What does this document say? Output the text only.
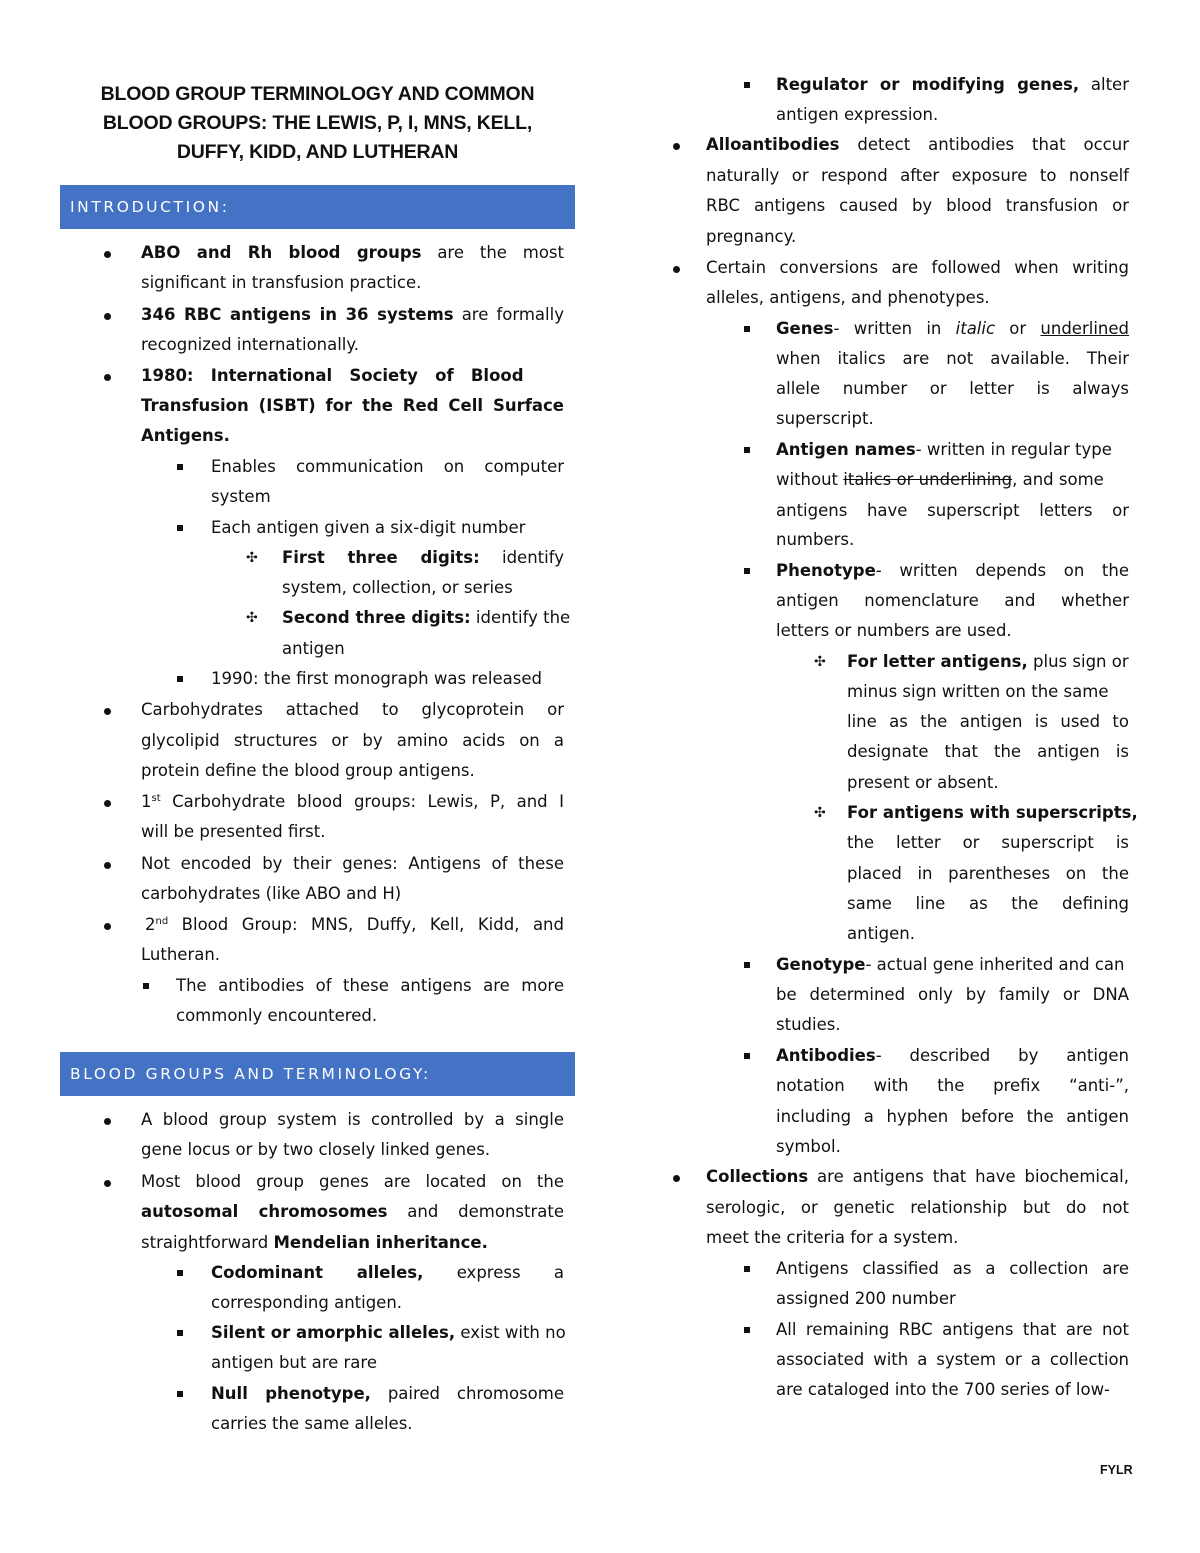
BLOOD GROUP TERMINOLOGY AND COMMON
BLOOD GROUPS: THE LEWIS, P, I, MNS, KELL,
DUFFY, KIDD, AND LUTHERAN
INTRODUCTION:
ABO and Rh blood groups are the most
significant in transfusion practice.
346 RBC antigens in 36 systems are formally
recognized internationally.
1980:   International   Society   of   Blood
Transfusion (ISBT) for the Red Cell Surface
Antigens.
Enables communication on computer
system
Each antigen given a six-digit number
✣ First three digits: identify
system, collection, or series
✣ Second three digits: identify the
antigen
1990: the first monograph was released
Carbohydrates attached to glycoprotein or
glycolipid structures or by amino acids on a
protein define the blood group antigens.
1st Carbohydrate blood groups: Lewis, P, and I
will be presented first.
Not encoded by their genes: Antigens of these
carbohydrates (like ABO and H)
2nd Blood Group: MNS, Duffy, Kell, Kidd, and
Lutheran.
The antibodies of these antigens are more
commonly encountered.
BLOOD GROUPS AND TERMINOLOGY:
A blood group system is controlled by a single
gene locus or by two closely linked genes.
Most blood group genes are located on the
autosomal chromosomes and demonstrate
straightforward Mendelian inheritance.
Codominant alleles, express a
corresponding antigen.
Silent or amorphic alleles, exist with no
antigen but are rare
Null phenotype, paired chromosome
carries the same alleles.
Regulator or modifying genes, alter
antigen expression.
Alloantibodies detect antibodies that occur
naturally or respond after exposure to nonself
RBC antigens caused by blood transfusion or
pregnancy.
Certain conversions are followed when writing
alleles, antigens, and phenotypes.
Genes- written in italic or underlined
when italics are not available. Their
allele number or letter is always
superscript.
Antigen names- written in regular type
without italics or underlining, and some
antigens have superscript letters or
numbers.
Phenotype- written depends on the
antigen nomenclature and whether
letters or numbers are used.
✣ For letter antigens, plus sign or
minus sign written on the same
line as the antigen is used to
designate that the antigen is
present or absent.
✣ For antigens with superscripts,
the letter or superscript is
placed in parentheses on the
same line as the defining
antigen.
Genotype- actual gene inherited and can
be determined only by family or DNA
studies.
Antibodies- described by antigen
notation with the prefix “anti-”,
including a hyphen before the antigen
symbol.
Collections are antigens that have biochemical,
serologic, or genetic relationship but do not
meet the criteria for a system.
Antigens classified as a collection are
assigned 200 number
All remaining RBC antigens that are not
associated with a system or a collection
are cataloged into the 700 series of low-
FYLR
